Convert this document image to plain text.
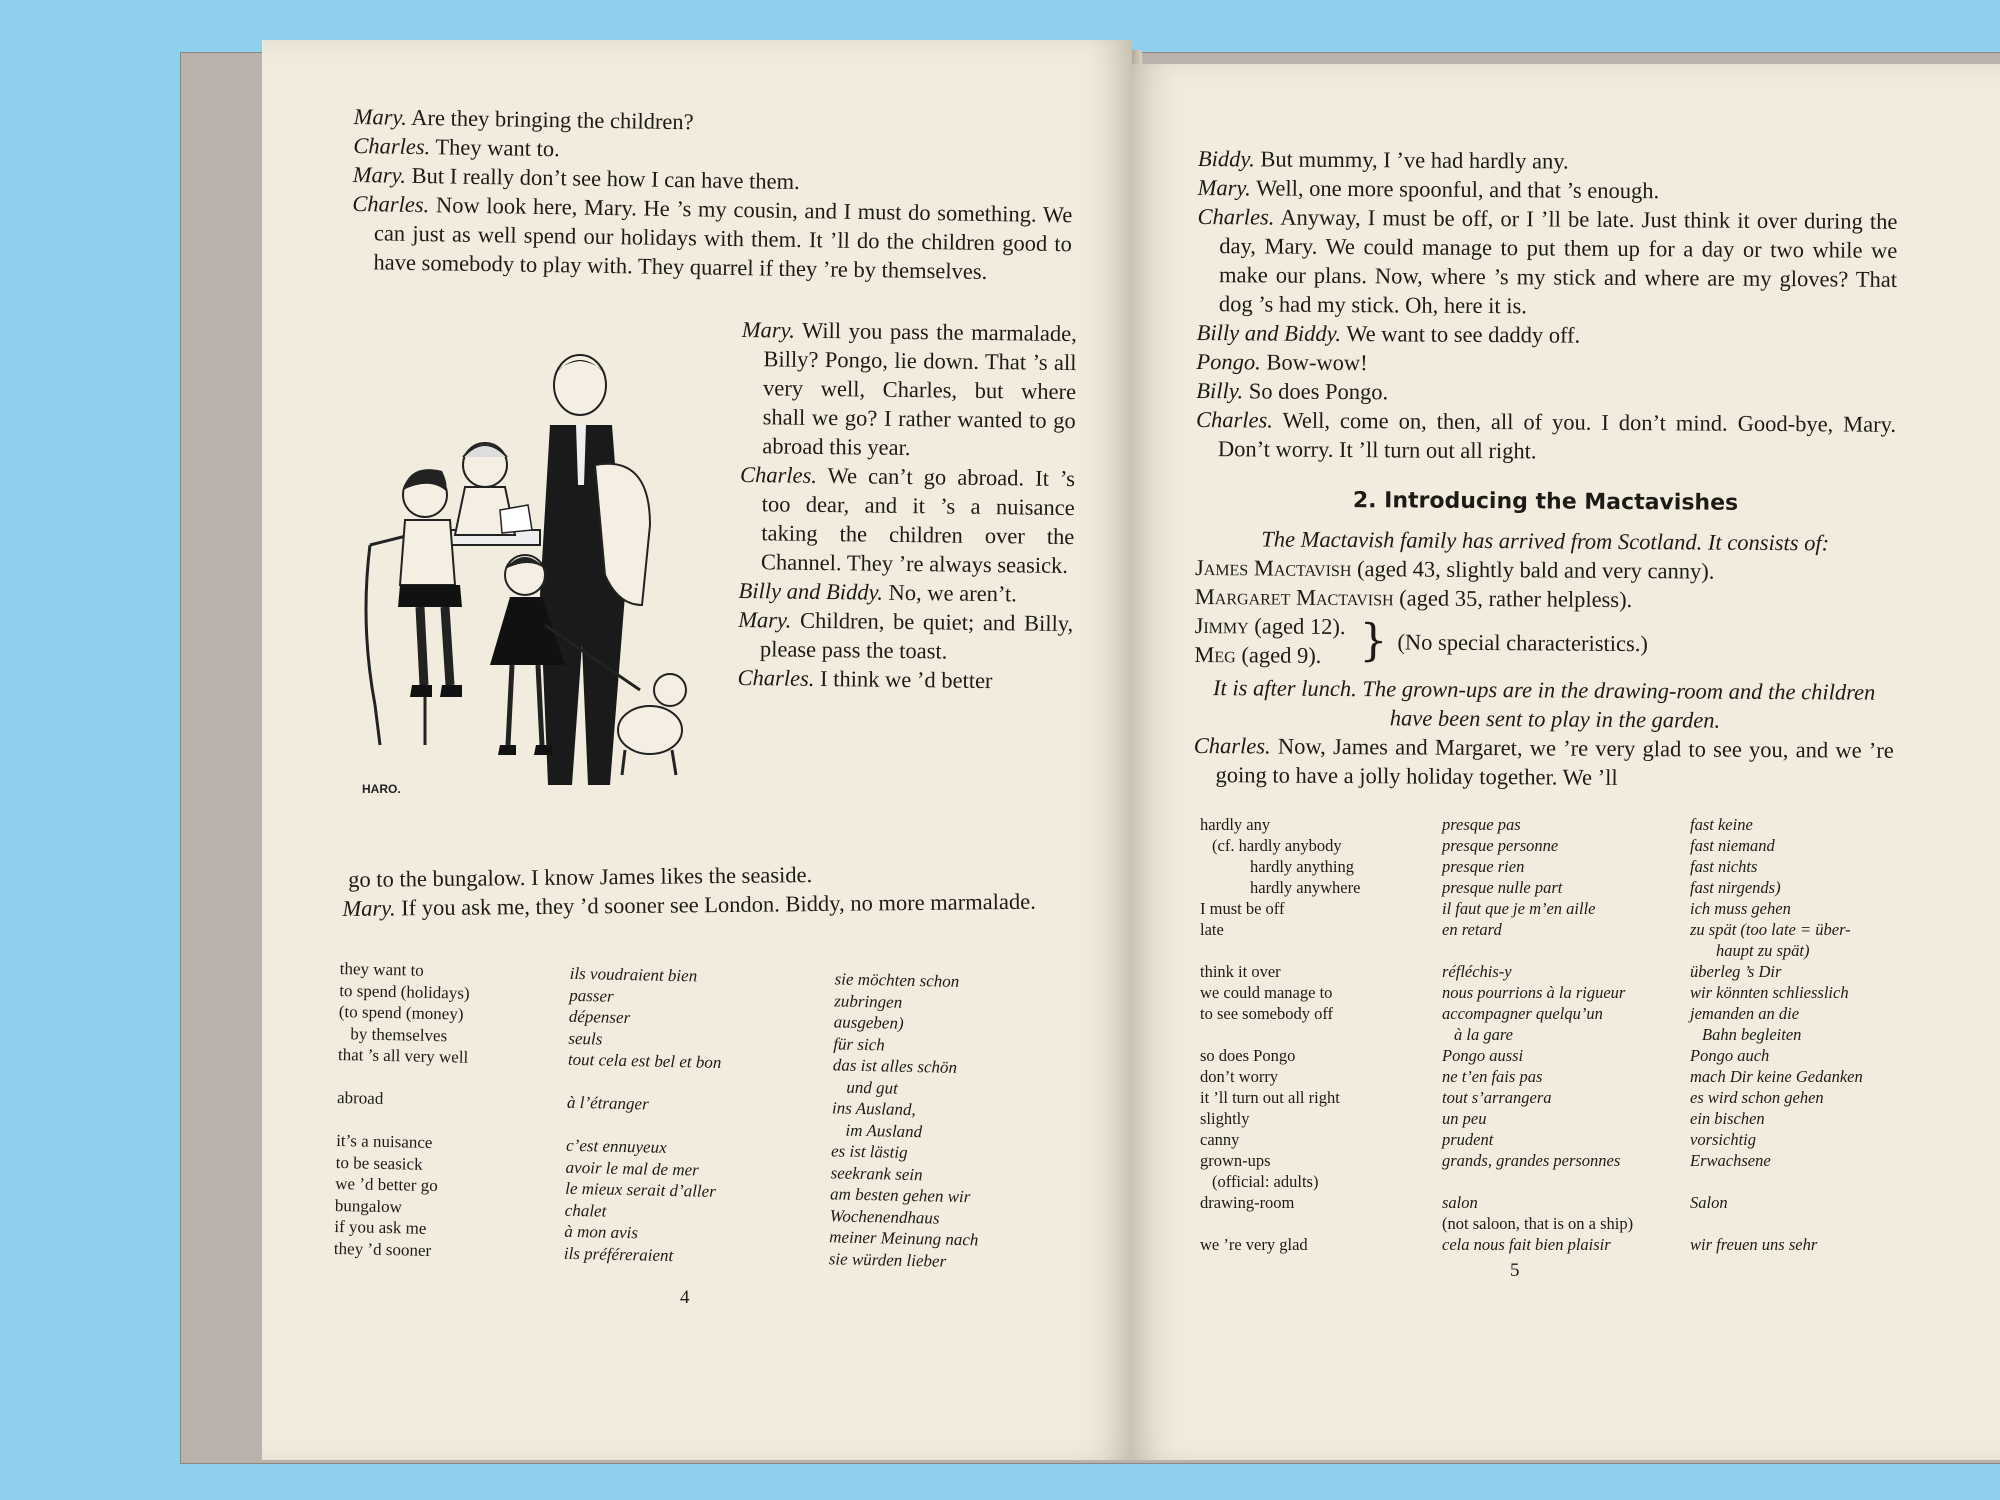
Mary. Are they bringing the children?

Charles. They want to.

Mary. But I really don’t see how I can have them.

Charles. Now look here, Mary. He ’s my cousin, and I must do something. We can just as well spend our holidays with them. It ’ll do the children good to have somebody to play with. They quarrel if they ’re by themselves.

HARO.

Mary. Will you pass the marmalade, Billy? Pongo, lie down. That ’s all very well, Charles, but where shall we go? I rather wanted to go abroad this year.

Charles. We can’t go abroad. It ’s too dear, and it ’s a nuisance taking the children over the Channel. They ’re always seasick.

Billy and Biddy. No, we aren’t.

Mary. Children, be quiet; and Billy, please pass the toast.

Charles. I think we ’d better

go to the bungalow. I know James likes the seaside.

Mary. If you ask me, they ’d sooner see London. Biddy, no more marmalade.

they want to
to spend (holidays)
(to spend (money)
by themselves
that ’s all very well

abroad

it’s a nuisance
to be seasick
we ’d better go
bungalow
if you ask me
they ’d sooner
ils voudraient bien
passer
dépenser
seuls
tout cela est bel et bon

à l’étranger

c’est ennuyeux
avoir le mal de mer
le mieux serait d’aller
chalet
à mon avis
ils préféreraient
sie möchten schon
zubringen
ausgeben)
für sich
das ist alles schön
und gut
ins Ausland,
im Ausland
es ist lästig
seekrank sein
am besten gehen wir
Wochenendhaus
meiner Meinung nach
sie würden lieber
4

Biddy. But mummy, I ’ve had hardly any.

Mary. Well, one more spoonful, and that ’s enough.

Charles. Anyway, I must be off, or I ’ll be late. Just think it over during the day, Mary. We could manage to put them up for a day or two while we make our plans. Now, where ’s my stick and where are my gloves? That dog ’s had my stick. Oh, here it is.

Billy and Biddy. We want to see daddy off.

Pongo. Bow-wow!

Billy. So does Pongo.

Charles. Well, come on, then, all of you. I don’t mind. Good-bye, Mary. Don’t worry. It ’ll turn out all right.

2. Introducing the Mactavishes

The Mactavish family has arrived from Scotland. It consists of:

James Mactavish (aged 43, slightly bald and very canny).

Margaret Mactavish (aged 35, rather helpless).

Jimmy (aged 12).
Meg (aged 9). } (No special characteristics.)

It is after lunch. The grown-ups are in the drawing-room and the children have been sent to play in the garden.

Charles. Now, James and Margaret, we ’re very glad to see you, and we ’re going to have a jolly holiday together. We ’ll

hardly any
(cf. hardly anybody
hardly anything
hardly anywhere
I must be off
late

think it over
we could manage to
to see somebody off

so does Pongo
don’t worry
it ’ll turn out all right
slightly
canny
grown-ups
(official: adults)
drawing-room

we ’re very glad
presque pas
presque personne
presque rien
presque nulle part
il faut que je m’en aille
en retard

réfléchis-y
nous pourrions à la rigueur
accompagner quelqu’un
à la gare
Pongo aussi
ne t’en fais pas
tout s’arrangera
un peu
prudent
grands, grandes personnes

salon
(not saloon, that is on a ship)
cela nous fait bien plaisir
fast keine
fast niemand
fast nichts
fast nirgends)
ich muss gehen
zu spät (too late = über-
haupt zu spät)
überleg ’s Dir
wir könnten schliesslich
jemanden an die
Bahn begleiten
Pongo auch
mach Dir keine Gedanken
es wird schon gehen
ein bischen
vorsichtig
Erwachsene

Salon

wir freuen uns sehr
5
